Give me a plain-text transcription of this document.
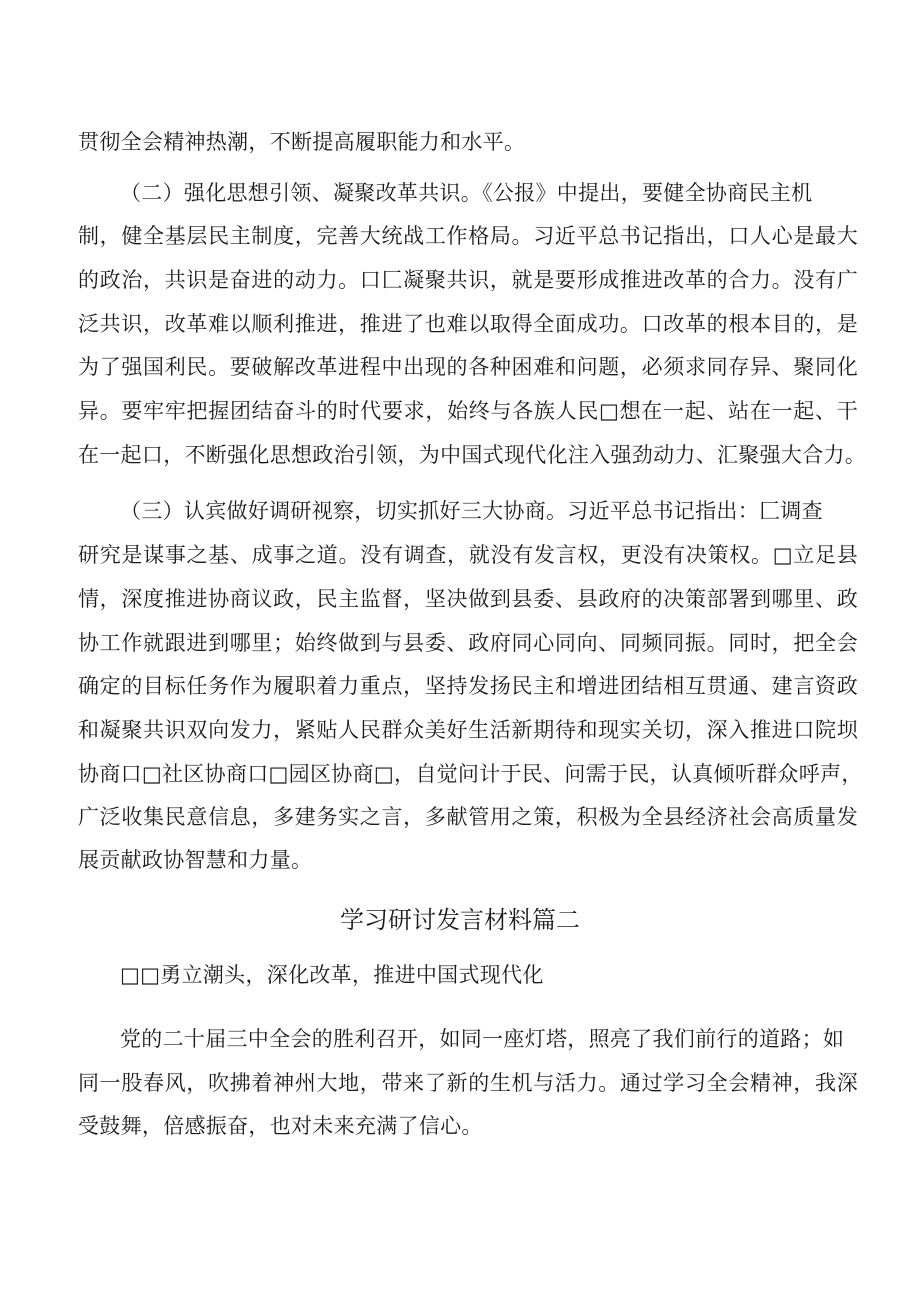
贯彻全会精神热潮，不断提高履职能力和水平。
（二）强化思想引领、凝聚改革共识。《公报》中提出，要健全协商民主机
制，健全基层民主制度，完善大统战工作格局。习近平总书记指出，口人心是最大
的政治，共识是奋进的动力。口匚凝聚共识，就是要形成推进改革的合力。没有广
泛共识，改革难以顺利推进，推进了也难以取得全面成功。口改革的根本目的，是
为了强国利民。要破解改革进程中出现的各种困难和问题，必须求同存异、聚同化
异。要牢牢把握团结奋斗的时代要求，始终与各族人民□想在一起、站在一起、干
在一起口，不断强化思想政治引领，为中国式现代化注入强劲动力、汇聚强大合力。
（三）认宾做好调研视察，切实抓好三大协商。习近平总书记指出：匚调查
研究是谋事之基、成事之道。没有调查，就没有发言权，更没有决策权。□立足县
情，深度推进协商议政，民主监督，坚决做到县委、县政府的决策部署到哪里、政
协工作就跟进到哪里；始终做到与县委、政府同心同向、同频同振。同时，把全会
确定的目标任务作为履职着力重点，坚持发扬民主和增进团结相互贯通、建言资政
和凝聚共识双向发力，紧贴人民群众美好生活新期待和现实关切，深入推进口院坝
协商口□社区协商口□园区协商□，自觉问计于民、问需于民，认真倾听群众呼声，
广泛收集民意信息，多建务实之言，多献管用之策，积极为全县经济社会高质量发
展贡献政协智慧和力量。
学习研讨发言材料篇二
□□勇立潮头，深化改革，推进中国式现代化
党的二十届三中全会的胜利召开，如同一座灯塔，照亮了我们前行的道路；如
同一股春风，吹拂着神州大地，带来了新的生机与活力。通过学习全会精神，我深
受鼓舞，倍感振奋，也对未来充满了信心。
